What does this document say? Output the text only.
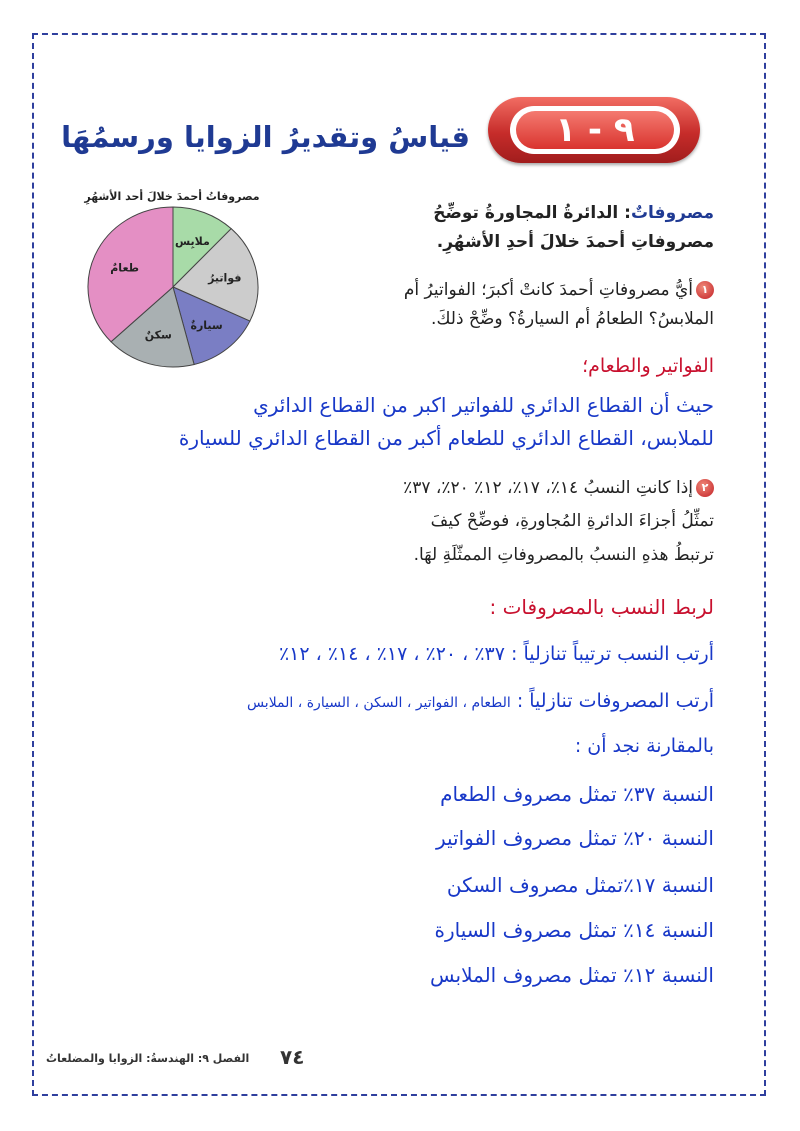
٩ - ١
قياسُ وتقديرُ الزوايا ورسمُهَا
مصروفاتُ أحمدَ خلالَ أحد الأشهُرِ
ملابِس
فواتيرُ
سيارةٌ
سكنٌ
طعامٌ
مصروفاتٌ: الدائرةُ المجاورةُ توضِّحُ
مصروفاتِ أحمدَ خلالَ أحدِ الأشهُرِ.
١أيُّ مصروفاتِ أحمدَ كانتْ أكبرَ؛ الفواتيرُ أم
الملابسُ؟ الطعامُ أم السيارةُ؟ وضِّحْ ذلكَ.
الفواتير والطعام؛
حيث أن القطاع الدائري للفواتير اكبر من القطاع الدائري
للملابس، القطاع الدائري للطعام أكبر من القطاع الدائري للسيارة
٢إذا كانتِ النسبُ ١٤٪، ١٧٪، ١٢٪ ٢٠٪، ٣٧٪
تمثِّلُ أجزاءَ الدائرةِ المُجاورةِ، فوضِّحْ كيفَ
ترتبطُ هذهِ النسبُ بالمصروفاتِ الممثّلَةِ لهَا.
لربط النسب بالمصروفات :
أرتب النسب ترتيباً تنازلياً : ٣٧٪ ، ٢٠٪ ، ١٧٪ ، ١٤٪ ، ١٢٪
أرتب المصروفات تنازلياً : الطعام ، الفواتير ، السكن ، السيارة ، الملابس
بالمقارنة نجد أن :
النسبة ٣٧٪ تمثل مصروف الطعام
النسبة ٢٠٪ تمثل مصروف الفواتير
النسبة ١٧٪تمثل مصروف السكن
النسبة ١٤٪ تمثل مصروف السيارة
النسبة ١٢٪ تمثل مصروف الملابس
٧٤
الفصل ٩: الهندسةُ: الزوايا والمضلعاتُ
